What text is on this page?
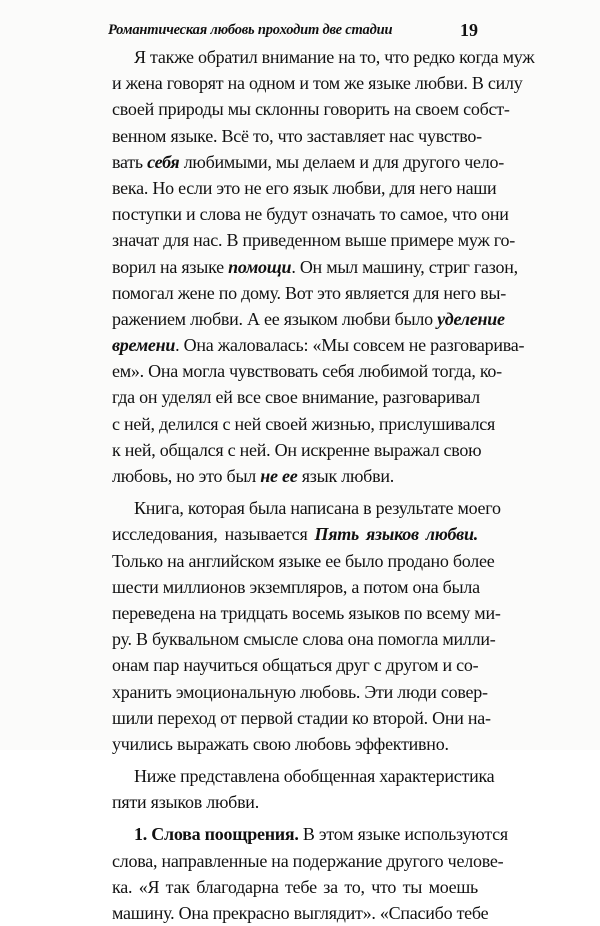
Романтическая любовь проходит две стадии	19
Я также обратил внимание на то, что редко когда муж
и жена говорят на одном и том же языке любви. В силу
своей природы мы склонны говорить на своем собст-
венном языке. Всё то, что заставляет нас чувство-
вать себя любимыми, мы делаем и для другого чело-
века. Но если это не его язык любви, для него наши
поступки и слова не будут означать то самое, что они
значат для нас. В приведенном выше примере муж го-
ворил на языке помощи. Он мыл машину, стриг газон,
помогал жене по дому. Вот это является для него вы-
ражением любви. А ее языком любви было уделение
времени. Она жаловалась: «Мы совсем не разговарива-
ем». Она могла чувствовать себя любимой тогда, ко-
гда он уделял ей все свое внимание, разговаривал
с ней, делился с ней своей жизнью, прислушивался
к ней, общался с ней. Он искренне выражал свою
любовь, но это был не ее язык любви.
Книга, которая была написана в результате моего
исследования, называется Пять языков любви.
Только на английском языке ее было продано более
шести миллионов экземпляров, а потом она была
переведена на тридцать восемь языков по всему ми-
ру. В буквальном смысле слова она помогла милли-
онам пар научиться общаться друг с другом и со-
хранить эмоциональную любовь. Эти люди совер-
шили переход от первой стадии ко второй. Они на-
учились выражать свою любовь эффективно.
Ниже представлена обобщенная характеристика
пяти языков любви.
1. Слова поощрения. В этом языке используются
слова, направленные на подержание другого челове-
ка. «Я так благодарна тебе за то, что ты моешь
машину. Она прекрасно выглядит». «Спасибо тебе
